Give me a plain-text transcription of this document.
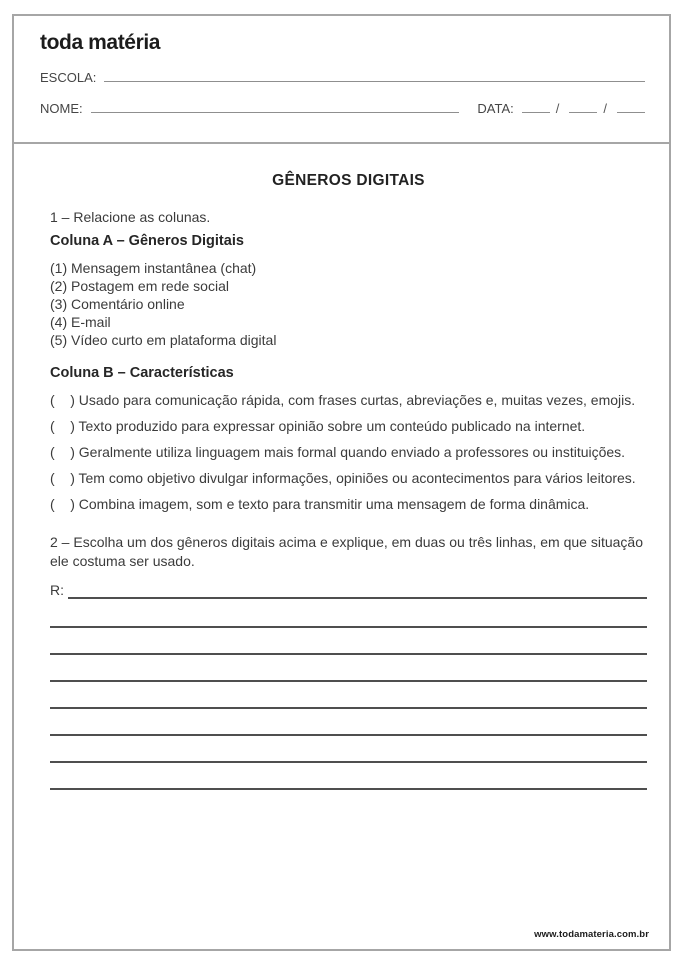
toda matéria
ESCOLA:
NOME:	DATA:	/	/
GÊNEROS DIGITAIS

1 – Relacione as colunas.

Coluna A – Gêneros Digitais
(1) Mensagem instantânea (chat)
(2) Postagem em rede social
(3) Comentário online
(4) E-mail
(5) Vídeo curto em plataforma digital
Coluna B – Características

(    ) Usado para comunicação rápida, com frases curtas, abreviações e, muitas vezes, emojis.

(    ) Texto produzido para expressar opinião sobre um conteúdo publicado na internet.

(    ) Geralmente utiliza linguagem mais formal quando enviado a professores ou instituições.

(    ) Tem como objetivo divulgar informações, opiniões ou acontecimentos para vários leitores.

(    ) Combina imagem, som e texto para transmitir uma mensagem de forma dinâmica.

2 – Escolha um dos gêneros digitais acima e explique, em duas ou três linhas, em que situação ele costuma ser usado.

R:
www.todamateria.com.br
